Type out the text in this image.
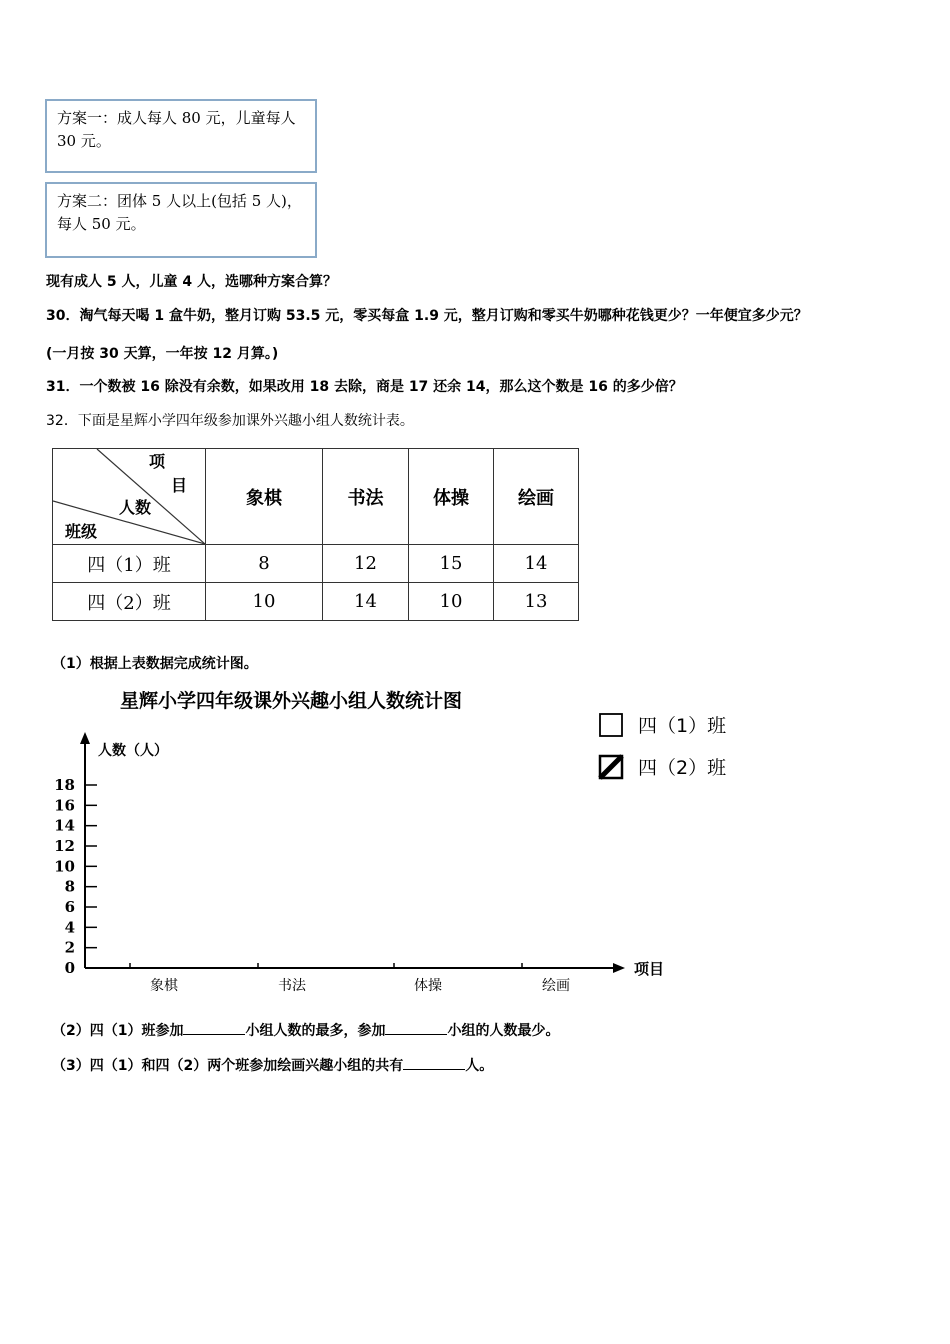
方案一：成人每人 80 元，儿童每人 30 元。
方案二：团体 5 人以上(包括 5 人)，每人 50 元。
现有成人 5 人，儿童 4 人，选哪种方案合算？
30．淘气每天喝 1 盒牛奶，整月订购 53.5 元，零买每盒 1.9 元，整月订购和零买牛奶哪种花钱更少？一年便宜多少元？
(一月按 30 天算，一年按 12 月算。)
31．一个数被 16 除没有余数，如果改用 18 去除，商是 17 还余 14，那么这个数是 16 的多少倍？
32．下面是星辉小学四年级参加课外兴趣小组人数统计表。
项
目
人数
班级	象棋	书法	体操	绘画
四（1）班	8	12	15	14
四（2）班	10	14	10	13
（1）根据上表数据完成统计图。
星辉小学四年级课外兴趣小组人数统计图
四（1）班
四（2）班
人数（人）
项目
0
2
4
6
8
10
12
14
16
18
象棋	书法	体操	绘画
（2）四（1）班参加	小组人数的最多，参加	小组的人数最少。
（3）四（1）和四（2）两个班参加绘画兴趣小组的共有	人。
